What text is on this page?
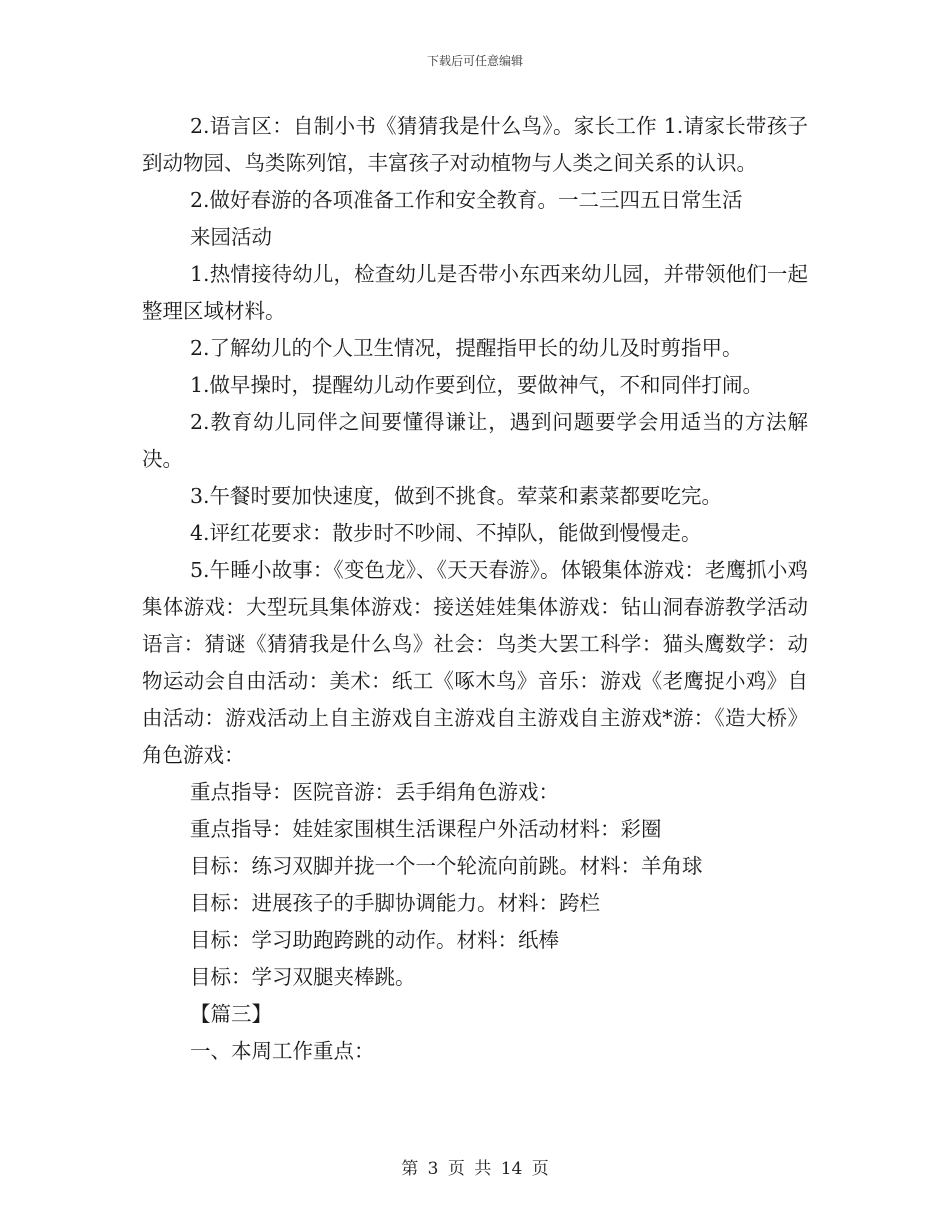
下载后可任意编辑

2.语言区：自制小书《猜猜我是什么鸟》。家长工作 1.请家长带孩子到动物园、鸟类陈列馆，丰富孩子对动植物与人类之间关系的认识。

2.做好春游的各项准备工作和安全教育。一二三四五日常生活

来园活动

1.热情接待幼儿，检查幼儿是否带小东西来幼儿园，并带领他们一起整理区域材料。

2.了解幼儿的个人卫生情况，提醒指甲长的幼儿及时剪指甲。

1.做早操时，提醒幼儿动作要到位，要做神气，不和同伴打闹。

2.教育幼儿同伴之间要懂得谦让，遇到问题要学会用适当的方法解决。

3.午餐时要加快速度，做到不挑食。荤菜和素菜都要吃完。

4.评红花要求：散步时不吵闹、不掉队，能做到慢慢走。

5.午睡小故事：《变色龙》、《天天春游》。体锻集体游戏：老鹰抓小鸡集体游戏：大型玩具集体游戏：接送娃娃集体游戏：钻山洞春游教学活动语言：猜谜《猜猜我是什么鸟》社会：鸟类大罢工科学：猫头鹰数学：动物运动会自由活动：美术：纸工《啄木鸟》音乐：游戏《老鹰捉小鸡》自由活动：游戏活动上自主游戏自主游戏自主游戏自主游戏*游：《造大桥》角色游戏：

重点指导：医院音游：丢手绢角色游戏：

重点指导：娃娃家围棋生活课程户外活动材料：彩圈

目标：练习双脚并拢一个一个轮流向前跳。材料：羊角球

目标：进展孩子的手脚协调能力。材料：跨栏

目标：学习助跑跨跳的动作。材料：纸棒

目标：学习双腿夹棒跳。

【篇三】

一、本周工作重点：

第 3 页 共 14 页
